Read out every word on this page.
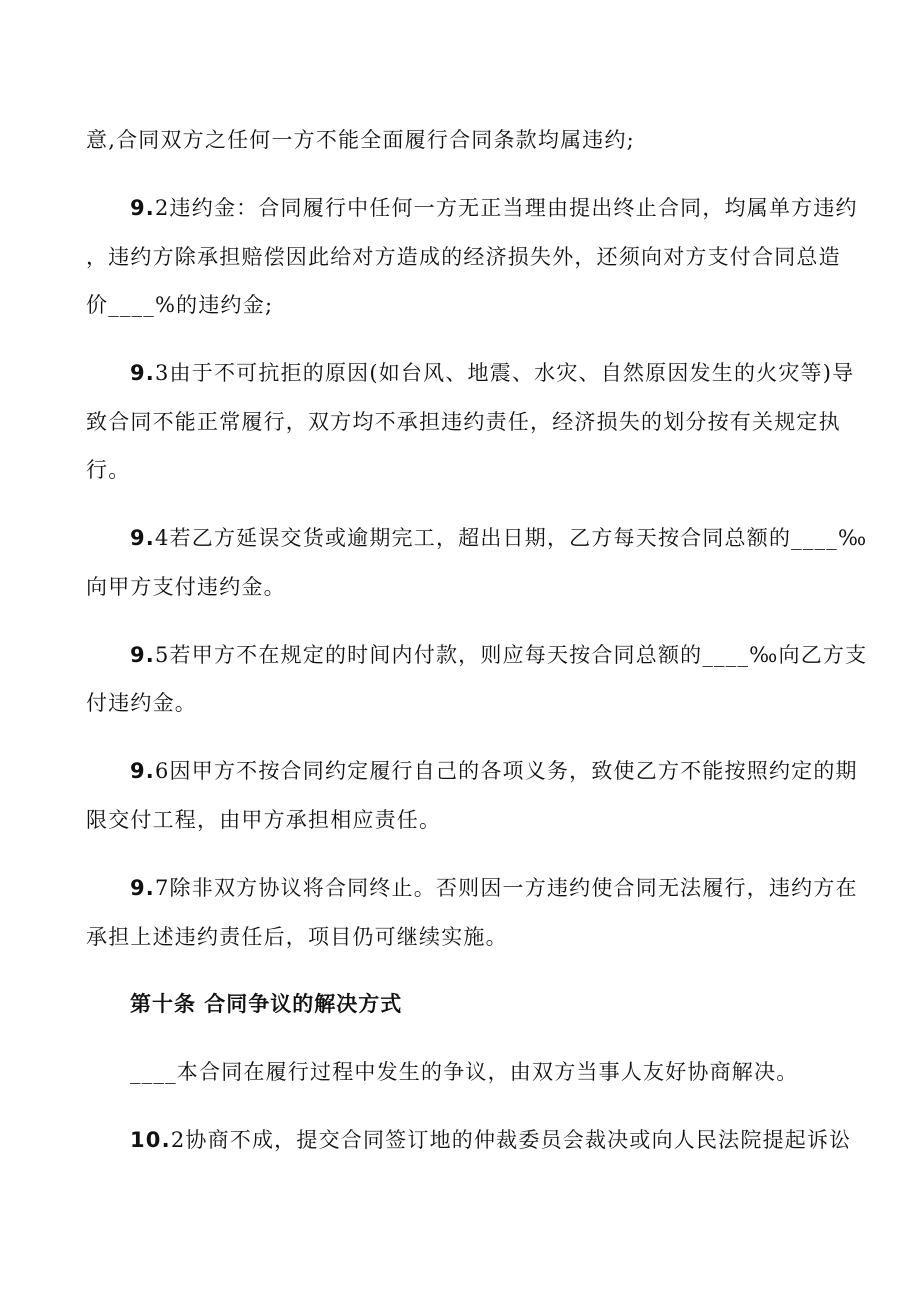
意,合同双方之任何一方不能全面履行合同条款均属违约;
9.2违约金：合同履行中任何一方无正当理由提出终止合同，均属单方违约
，违约方除承担赔偿因此给对方造成的经济损失外，还须向对方支付合同总造
价____%的违约金;
9.3由于不可抗拒的原因(如台风、地震、水灾、自然原因发生的火灾等)导
致合同不能正常履行，双方均不承担违约责任，经济损失的划分按有关规定执
行。
9.4若乙方延误交货或逾期完工，超出日期，乙方每天按合同总额的____‰
向甲方支付违约金。
9.5若甲方不在规定的时间内付款，则应每天按合同总额的____‰向乙方支
付违约金。
9.6因甲方不按合同约定履行自己的各项义务，致使乙方不能按照约定的期
限交付工程，由甲方承担相应责任。
9.7除非双方协议将合同终止。否则因一方违约使合同无法履行，违约方在
承担上述违约责任后，项目仍可继续实施。
第十条 合同争议的解决方式
____本合同在履行过程中发生的争议，由双方当事人友好协商解决。
10.2协商不成，提交合同签订地的仲裁委员会裁决或向人民法院提起诉讼
